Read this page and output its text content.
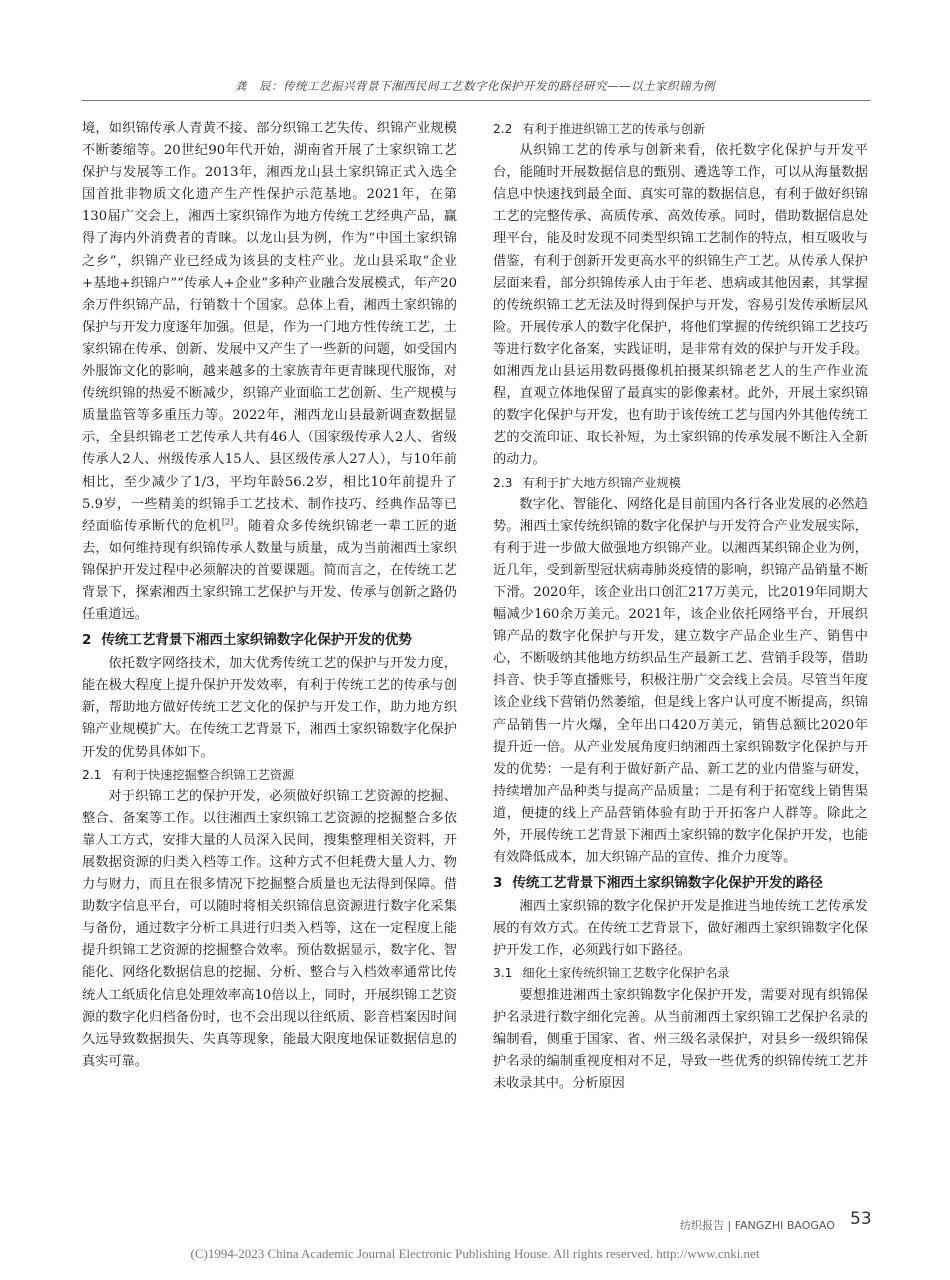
龚　辰：传统工艺振兴背景下湘西民间工艺数字化保护开发的路径研究——以土家织锦为例

境，如织锦传承人青黄不接、部分织锦工艺失传、织锦产业规模不断萎缩等。20世纪90年代开始，湖南省开展了土家织锦工艺保护与发展等工作。2013年，湘西龙山县土家织锦正式入选全国首批非物质文化遗产生产性保护示范基地。2021年，在第130届广交会上，湘西土家织锦作为地方传统工艺经典产品，赢得了海内外消费者的青睐。以龙山县为例，作为“中国土家织锦之乡”，织锦产业已经成为该县的支柱产业。龙山县采取“企业+基地+织锦户”“传承人+企业”多种产业融合发展模式，年产20余万件织锦产品，行销数十个国家。总体上看，湘西土家织锦的保护与开发力度逐年加强。但是，作为一门地方性传统工艺，土家织锦在传承、创新、发展中又产生了一些新的问题，如受国内外服饰文化的影响，越来越多的土家族青年更青睐现代服饰，对传统织锦的热爱不断减少，织锦产业面临工艺创新、生产规模与质量监管等多重压力等。2022年，湘西龙山县最新调查数据显示，全县织锦老工艺传承人共有46人（国家级传承人2人、省级传承人2人、州级传承人15人、县区级传承人27人），与10年前相比，至少减少了1/3，平均年龄56.2岁，相比10年前提升了5.9岁，一些精美的织锦手工艺技术、制作技巧、经典作品等已经面临传承断代的危机[2]。随着众多传统织锦老一辈工匠的逝去，如何维持现有织锦传承人数量与质量，成为当前湘西土家织锦保护开发过程中必须解决的首要课题。简而言之，在传统工艺背景下，探索湘西土家织锦工艺保护与开发、传承与创新之路仍任重道远。

2 传统工艺背景下湘西土家织锦数字化保护开发的优势

依托数字网络技术，加大优秀传统工艺的保护与开发力度，能在极大程度上提升保护开发效率，有利于传统工艺的传承与创新，帮助地方做好传统工艺文化的保护与开发工作，助力地方织锦产业规模扩大。在传统工艺背景下，湘西土家织锦数字化保护开发的优势具体如下。

2.1 有利于快速挖掘整合织锦工艺资源

对于织锦工艺的保护开发，必须做好织锦工艺资源的挖掘、整合、备案等工作。以往湘西土家织锦工艺资源的挖掘整合多依靠人工方式，安排大量的人员深入民间，搜集整理相关资料，开展数据资源的归类入档等工作。这种方式不但耗费大量人力、物力与财力，而且在很多情况下挖掘整合质量也无法得到保障。借助数字信息平台，可以随时将相关织锦信息资源进行数字化采集与备份，通过数字分析工具进行归类入档等，这在一定程度上能提升织锦工艺资源的挖掘整合效率。预估数据显示，数字化、智能化、网络化数据信息的挖掘、分析、整合与入档效率通常比传统人工纸质化信息处理效率高10倍以上，同时，开展织锦工艺资源的数字化归档备份时，也不会出现以往纸质、影音档案因时间久远导致数据损失、失真等现象，能最大限度地保证数据信息的真实可靠。

2.2 有利于推进织锦工艺的传承与创新

从织锦工艺的传承与创新来看，依托数字化保护与开发平台，能随时开展数据信息的甄别、遴选等工作，可以从海量数据信息中快速找到最全面、真实可靠的数据信息，有利于做好织锦工艺的完整传承、高质传承、高效传承。同时，借助数据信息处理平台，能及时发现不同类型织锦工艺制作的特点，相互吸收与借鉴，有利于创新开发更高水平的织锦生产工艺。从传承人保护层面来看，部分织锦传承人由于年老、患病或其他因素，其掌握的传统织锦工艺无法及时得到保护与开发，容易引发传承断层风险。开展传承人的数字化保护，将他们掌握的传统织锦工艺技巧等进行数字化备案，实践证明，是非常有效的保护与开发手段。如湘西龙山县运用数码摄像机拍摄某织锦老艺人的生产作业流程，直观立体地保留了最真实的影像素材。此外，开展土家织锦的数字化保护与开发，也有助于该传统工艺与国内外其他传统工艺的交流印证、取长补短，为土家织锦的传承发展不断注入全新的动力。

2.3 有利于扩大地方织锦产业规模

数字化、智能化、网络化是目前国内各行各业发展的必然趋势。湘西土家传统织锦的数字化保护与开发符合产业发展实际，有利于进一步做大做强地方织锦产业。以湘西某织锦企业为例，近几年，受到新型冠状病毒肺炎疫情的影响，织锦产品销量不断下滑。2020年，该企业出口创汇217万美元，比2019年同期大幅减少160余万美元。2021年，该企业依托网络平台，开展织锦产品的数字化保护与开发，建立数字产品企业生产、销售中心，不断吸纳其他地方纺织品生产最新工艺、营销手段等，借助抖音、快手等直播账号，积极注册广交会线上会员。尽管当年度该企业线下营销仍然萎缩，但是线上客户认可度不断提高，织锦产品销售一片火爆，全年出口420万美元，销售总额比2020年提升近一倍。从产业发展角度归纳湘西土家织锦数字化保护与开发的优势：一是有利于做好新产品、新工艺的业内借鉴与研发，持续增加产品种类与提高产品质量；二是有利于拓宽线上销售渠道，便捷的线上产品营销体验有助于开拓客户人群等。除此之外，开展传统工艺背景下湘西土家织锦的数字化保护开发，也能有效降低成本，加大织锦产品的宣传、推介力度等。

3 传统工艺背景下湘西土家织锦数字化保护开发的路径

湘西土家织锦的数字化保护开发是推进当地传统工艺传承发展的有效方式。在传统工艺背景下，做好湘西土家织锦数字化保护开发工作，必须践行如下路径。

3.1 细化土家传统织锦工艺数字化保护名录

要想推进湘西土家织锦数字化保护开发，需要对现有织锦保护名录进行数字细化完善。从当前湘西土家织锦工艺保护名录的编制看，侧重于国家、省、州三级名录保护，对县乡一级织锦保护名录的编制重视度相对不足，导致一些优秀的织锦传统工艺并未收录其中。分析原因

纺织报告 | FANGZHI BAOGAO 53
(C)1994-2023 China Academic Journal Electronic Publishing House. All rights reserved. http://www.cnki.net
